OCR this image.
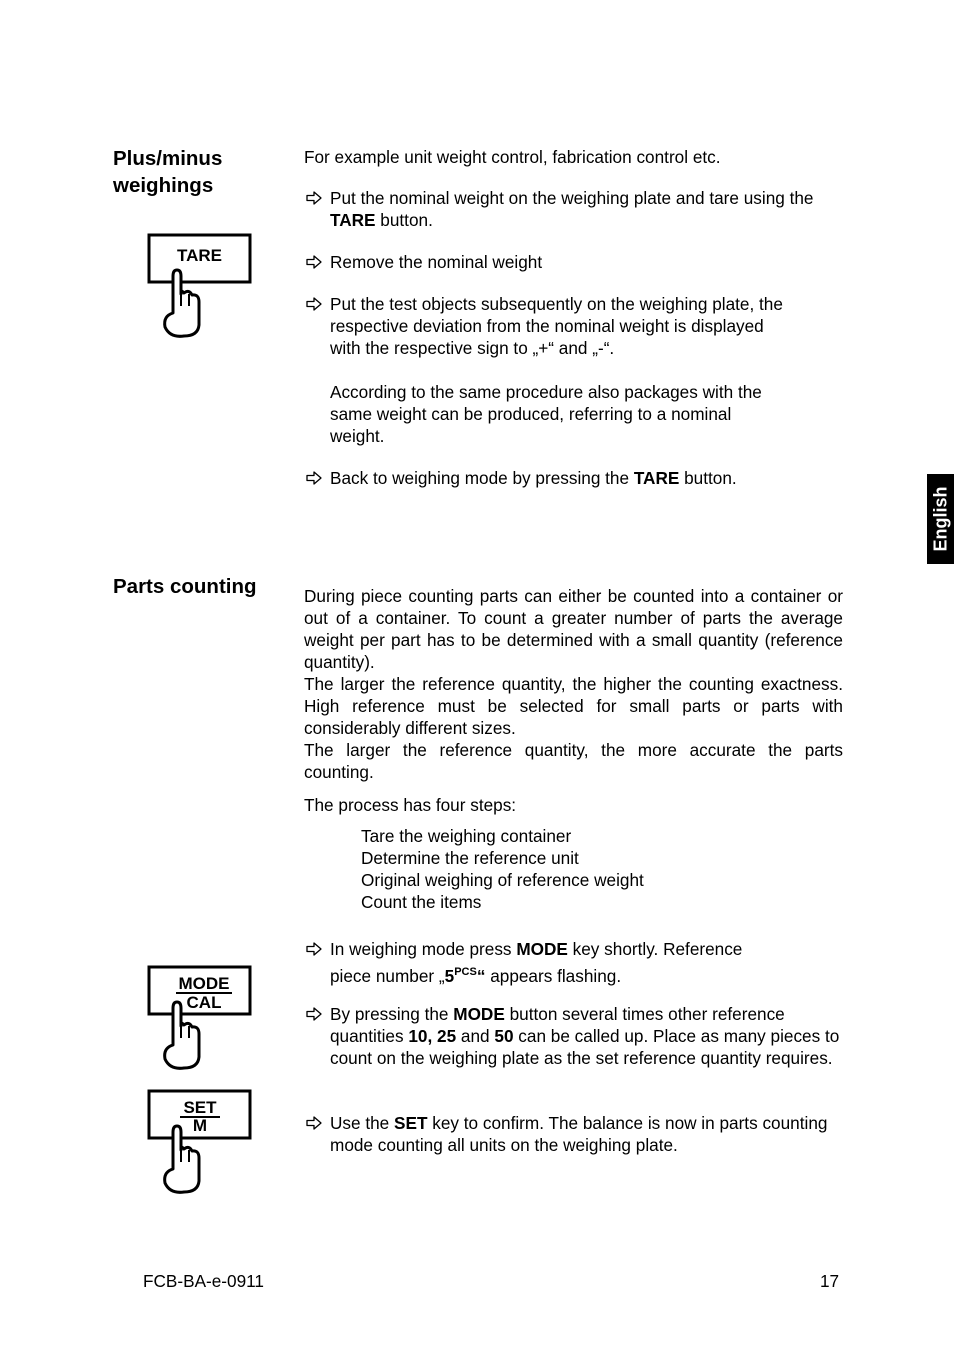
English
Plus/minus
weighings
TARE
For example unit weight control, fabrication control etc.
Put the nominal weight on the weighing plate and tare using the TARE button.
Remove the nominal weight
Put the test objects subsequently on the weighing plate, the
respective deviation from the nominal weight is displayed
with the respective sign to „+“ and „-“.
According to the same procedure also packages with the
same weight can be produced, referring to a nominal
weight.
Back to weighing mode by pressing the TARE button.
Parts counting	During piece counting parts can either be counted into a container or out of a container. To count a greater number of parts the average weight per part has to be determined with a small quantity (reference quantity).
The larger the reference quantity, the higher the counting exactness. High reference must be selected for small parts or parts with considerably different sizes.
The larger the reference quantity, the more accurate the parts counting.
The process has four steps:
Tare the weighing container
Determine the reference unit
Original weighing of reference weight
Count the items
MODE
CAL
SET
M
In weighing mode press MODE key shortly. Reference
piece number $„5^{PCS}“$ appears flashing.
By pressing the MODE button several times other reference quantities 10, 25 and 50 can be called up. Place as many pieces to count on the weighing plate as the set reference quantity requires.
Use the SET key to confirm. The balance is now in parts counting mode counting all units on the weighing plate.
FCB-BA-e-0911	17
